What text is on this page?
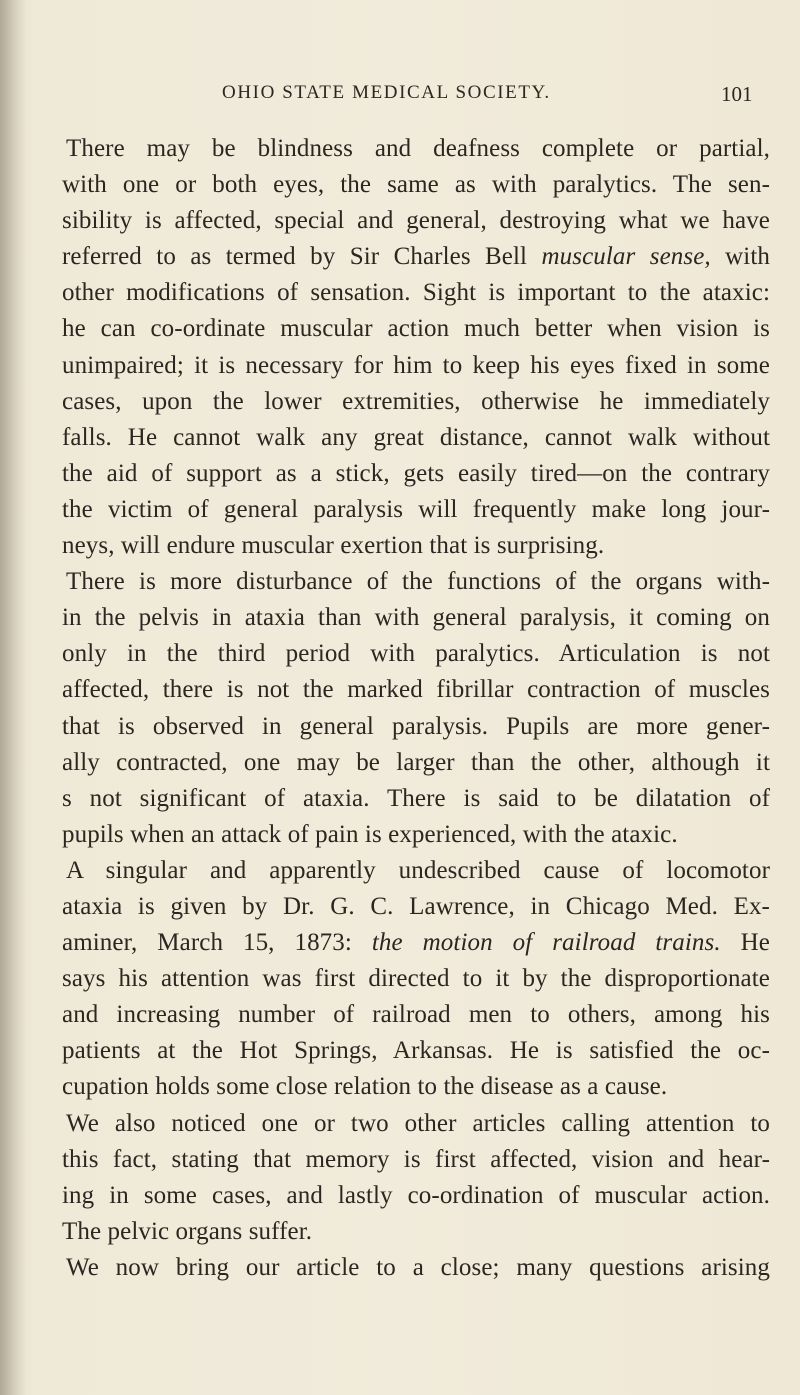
OHIO STATE MEDICAL SOCIETY.	101
There may be blindness and deafness complete or partial,
with one or both eyes, the same as with paralytics. The sen-
sibility is affected, special and general, destroying what we have
referred to as termed by Sir Charles Bell muscular sense, with
other modifications of sensation. Sight is important to the ataxic:
he can co-ordinate muscular action much better when vision is
unimpaired; it is necessary for him to keep his eyes fixed in some
cases, upon the lower extremities, otherwise he immediately
falls. He cannot walk any great distance, cannot walk without
the aid of support as a stick, gets easily tired—on the contrary
the victim of general paralysis will frequently make long jour-
neys, will endure muscular exertion that is surprising.
There is more disturbance of the functions of the organs with-
in the pelvis in ataxia than with general paralysis, it coming on
only in the third period with paralytics. Articulation is not
affected, there is not the marked fibrillar contraction of muscles
that is observed in general paralysis. Pupils are more gener-
ally contracted, one may be larger than the other, although it
s not significant of ataxia. There is said to be dilatation of
pupils when an attack of pain is experienced, with the ataxic.
A singular and apparently undescribed cause of locomotor
ataxia is given by Dr. G. C. Lawrence, in Chicago Med. Ex-
aminer, March 15, 1873: the motion of railroad trains. He
says his attention was first directed to it by the disproportionate
and increasing number of railroad men to others, among his
patients at the Hot Springs, Arkansas. He is satisfied the oc-
cupation holds some close relation to the disease as a cause.
We also noticed one or two other articles calling attention to
this fact, stating that memory is first affected, vision and hear-
ing in some cases, and lastly co-ordination of muscular action.
The pelvic organs suffer.
We now bring our article to a close; many questions arising
